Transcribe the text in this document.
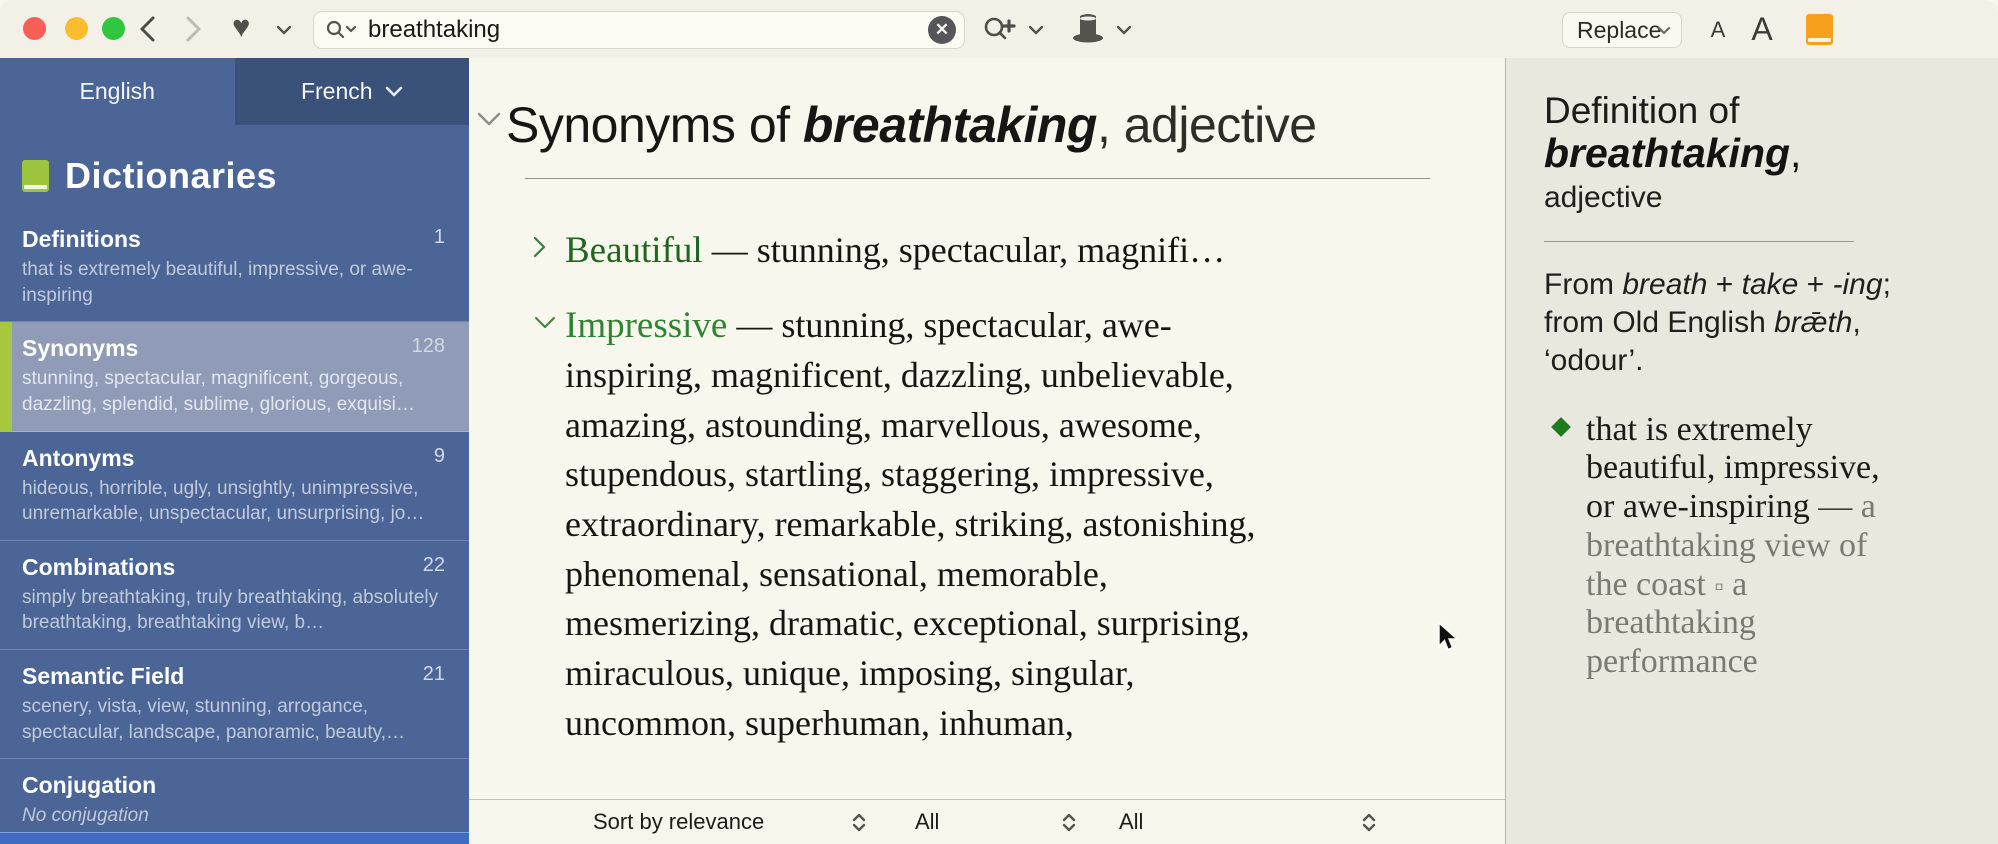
♥
breathtaking	✕	Replace	A A
English	French
Dictionaries
Definitions
that is extremely beautiful, impressive, or awe-inspiring
1
Synonyms
stunning, spectacular, magnificent, gorgeous, dazzling, splendid, sublime, glorious, exquisi…
128
Antonyms
hideous, horrible, ugly, unsightly, unimpressive, unremarkable, unspectacular, unsurprising, jo…
9
Combinations
simply breathtaking, truly breathtaking, absolutely breathtaking, breathtaking view, b…
22
Semantic Field
scenery, vista, view, stunning, arrogance, spectacular, landscape, panoramic, beauty,…
21
Conjugation
No conjugation
Synonyms of breathtaking, adjective
Beautiful — stunning, spectacular, magnifi…
Impressive — stunning, spectacular, awe-inspiring, magnificent, dazzling, unbelievable, amazing, astounding, marvellous, awesome, stupendous, startling, staggering, impressive, extraordinary, remarkable, striking, astonishing, phenomenal, sensational, memorable, mesmerizing, dramatic, exceptional, surprising, miraculous, unique, imposing, singular, uncommon, superhuman, inhuman,
Sort by relevance	All	All
Definition of
breathtaking,
adjective
From breath + take + -ing; from Old English brǣth, ‘odour’.
that is extremely beautiful, impressive, or awe-inspiring — a breathtaking view of the coast ▫ a breathtaking performance
